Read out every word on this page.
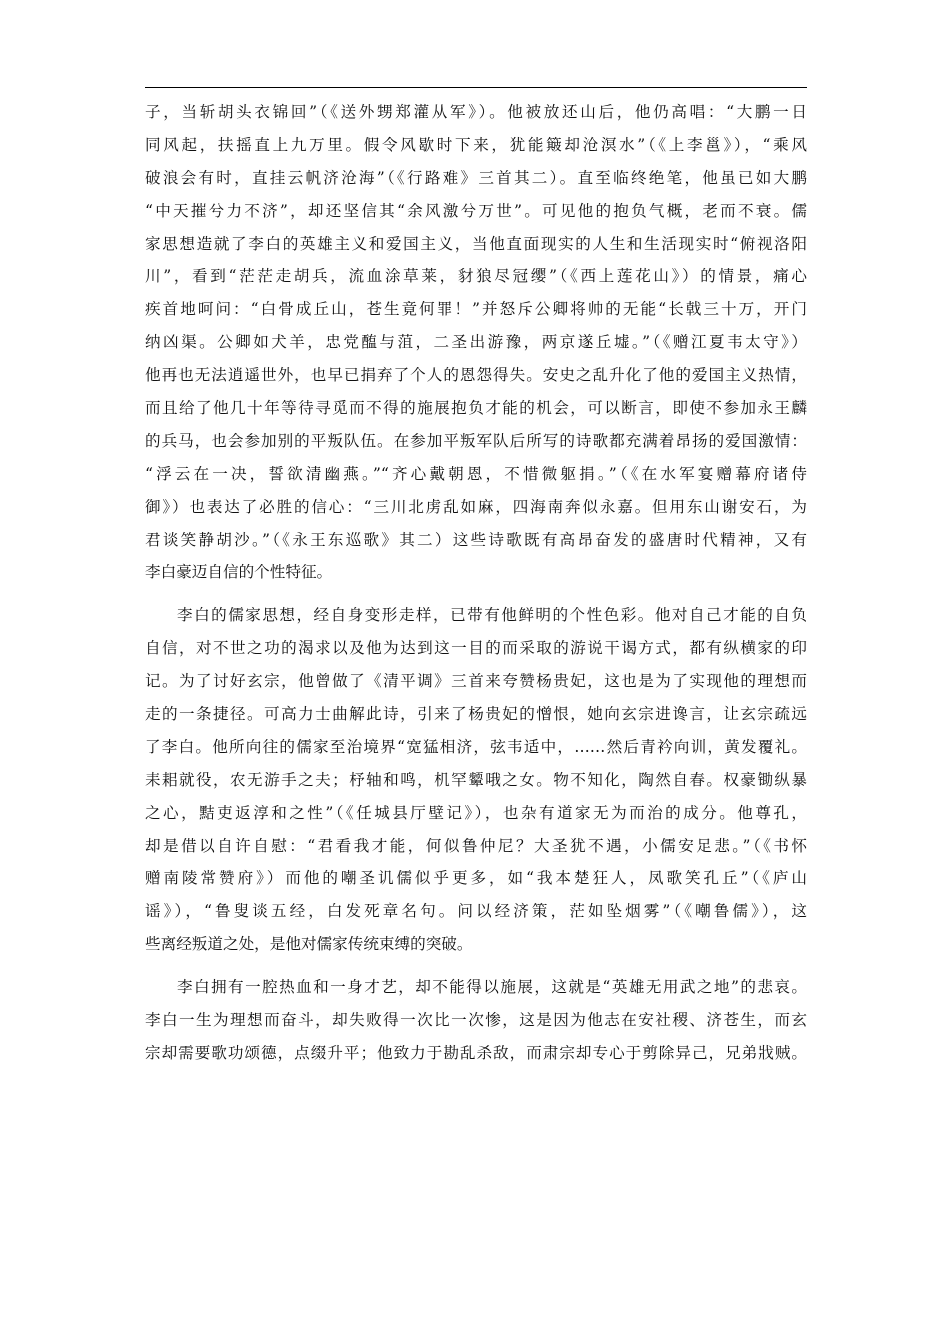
子，当斩胡头衣锦回”（《送外甥郑灌从军》）。他被放还山后，他仍高唱：“大鹏一日
同风起，扶摇直上九万里。假令风歇时下来，犹能簸却沧溟水”（《上李邕》），“乘风
破浪会有时，直挂云帆济沧海”（《行路难》三首其二）。直至临终绝笔，他虽已如大鹏
“中天摧兮力不济”，却还坚信其“余风激兮万世”。可见他的抱负气概，老而不衰。儒
家思想造就了李白的英雄主义和爱国主义，当他直面现实的人生和生活现实时“俯视洛阳
川”，看到“茫茫走胡兵，流血涂草莱，豺狼尽冠缨”（《西上莲花山》）的情景，痛心
疾首地呵问：“白骨成丘山，苍生竟何罪！”并怒斥公卿将帅的无能“长戟三十万，开门
纳凶渠。公卿如犬羊，忠党醢与菹，二圣出游豫，两京遂丘墟。”（《赠江夏韦太守》）
他再也无法逍遥世外，也早已捐弃了个人的恩怨得失。安史之乱升化了他的爱国主义热情，
而且给了他几十年等待寻觅而不得的施展抱负才能的机会，可以断言，即使不参加永王麟
的兵马，也会参加别的平叛队伍。在参加平叛军队后所写的诗歌都充满着昂扬的爱国激情：
“浮云在一决，誓欲清幽燕。”“齐心戴朝恩，不惜微躯捐。”（《在水军宴赠幕府诸侍
御》）也表达了必胜的信心：“三川北虏乱如麻，四海南奔似永嘉。但用东山谢安石，为
君谈笑静胡沙。”（《永王东巡歌》其二）这些诗歌既有高昂奋发的盛唐时代精神，又有
李白豪迈自信的个性特征。
李白的儒家思想，经自身变形走样，已带有他鲜明的个性色彩。他对自己才能的自负
自信，对不世之功的渴求以及他为达到这一目的而采取的游说干谒方式，都有纵横家的印
记。为了讨好玄宗，他曾做了《清平调》三首来夸赞杨贵妃，这也是为了实现他的理想而
走的一条捷径。可高力士曲解此诗，引来了杨贵妃的憎恨，她向玄宗进谗言，让玄宗疏远
了李白。他所向往的儒家至治境界“宽猛相济，弦韦适中，……然后青衿向训，黄发覆礼。
耒耜就役，农无游手之夫；杼轴和鸣，机罕颦哦之女。物不知化，陶然自春。权豪锄纵暴
之心，黠吏返淳和之性”（《任城县厅壁记》），也杂有道家无为而治的成分。他尊孔，
却是借以自许自慰：“君看我才能，何似鲁仲尼？大圣犹不遇，小儒安足悲。”（《书怀
赠南陵常赞府》）而他的嘲圣讥儒似乎更多，如“我本楚狂人，凤歌笑孔丘”（《庐山
谣》），“鲁叟谈五经，白发死章名句。问以经济策，茫如坠烟雾”（《嘲鲁儒》），这
些离经叛道之处，是他对儒家传统束缚的突破。
李白拥有一腔热血和一身才艺，却不能得以施展，这就是“英雄无用武之地”的悲哀。
李白一生为理想而奋斗，却失败得一次比一次惨，这是因为他志在安社稷、济苍生，而玄
宗却需要歌功颂德，点缀升平；他致力于勘乱杀敌，而肃宗却专心于剪除异己，兄弟戕贼。
